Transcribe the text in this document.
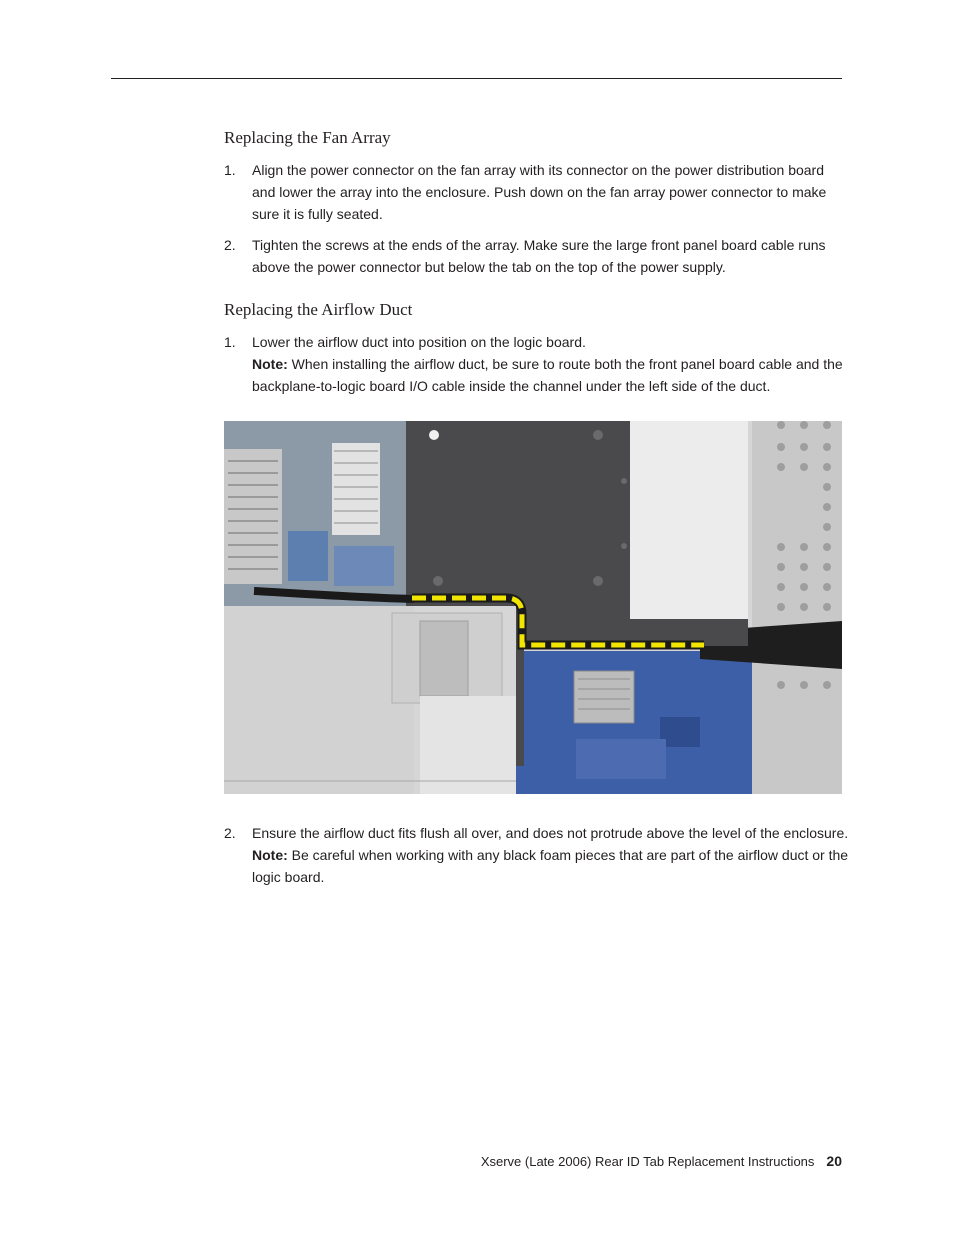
Replacing the Fan Array
1. Align the power connector on the fan array with its connector on the power distribution board and lower the array into the enclosure. Push down on the fan array power connector to make sure it is fully seated.
2. Tighten the screws at the ends of the array. Make sure the large front panel board cable runs above the power connector but below the tab on the top of the power supply.
Replacing the Airflow Duct
1. Lower the airflow duct into position on the logic board.
Note: When installing the airflow duct, be sure to route both the front panel board cable and the backplane-to-logic board I/O cable inside the channel under the left side of the duct.
2. Ensure the airflow duct fits flush all over, and does not protrude above the level of the enclosure.
Note: Be careful when working with any black foam pieces that are part of the airflow duct or the logic board.
Xserve (Late 2006) Rear ID Tab Replacement Instructions 20
